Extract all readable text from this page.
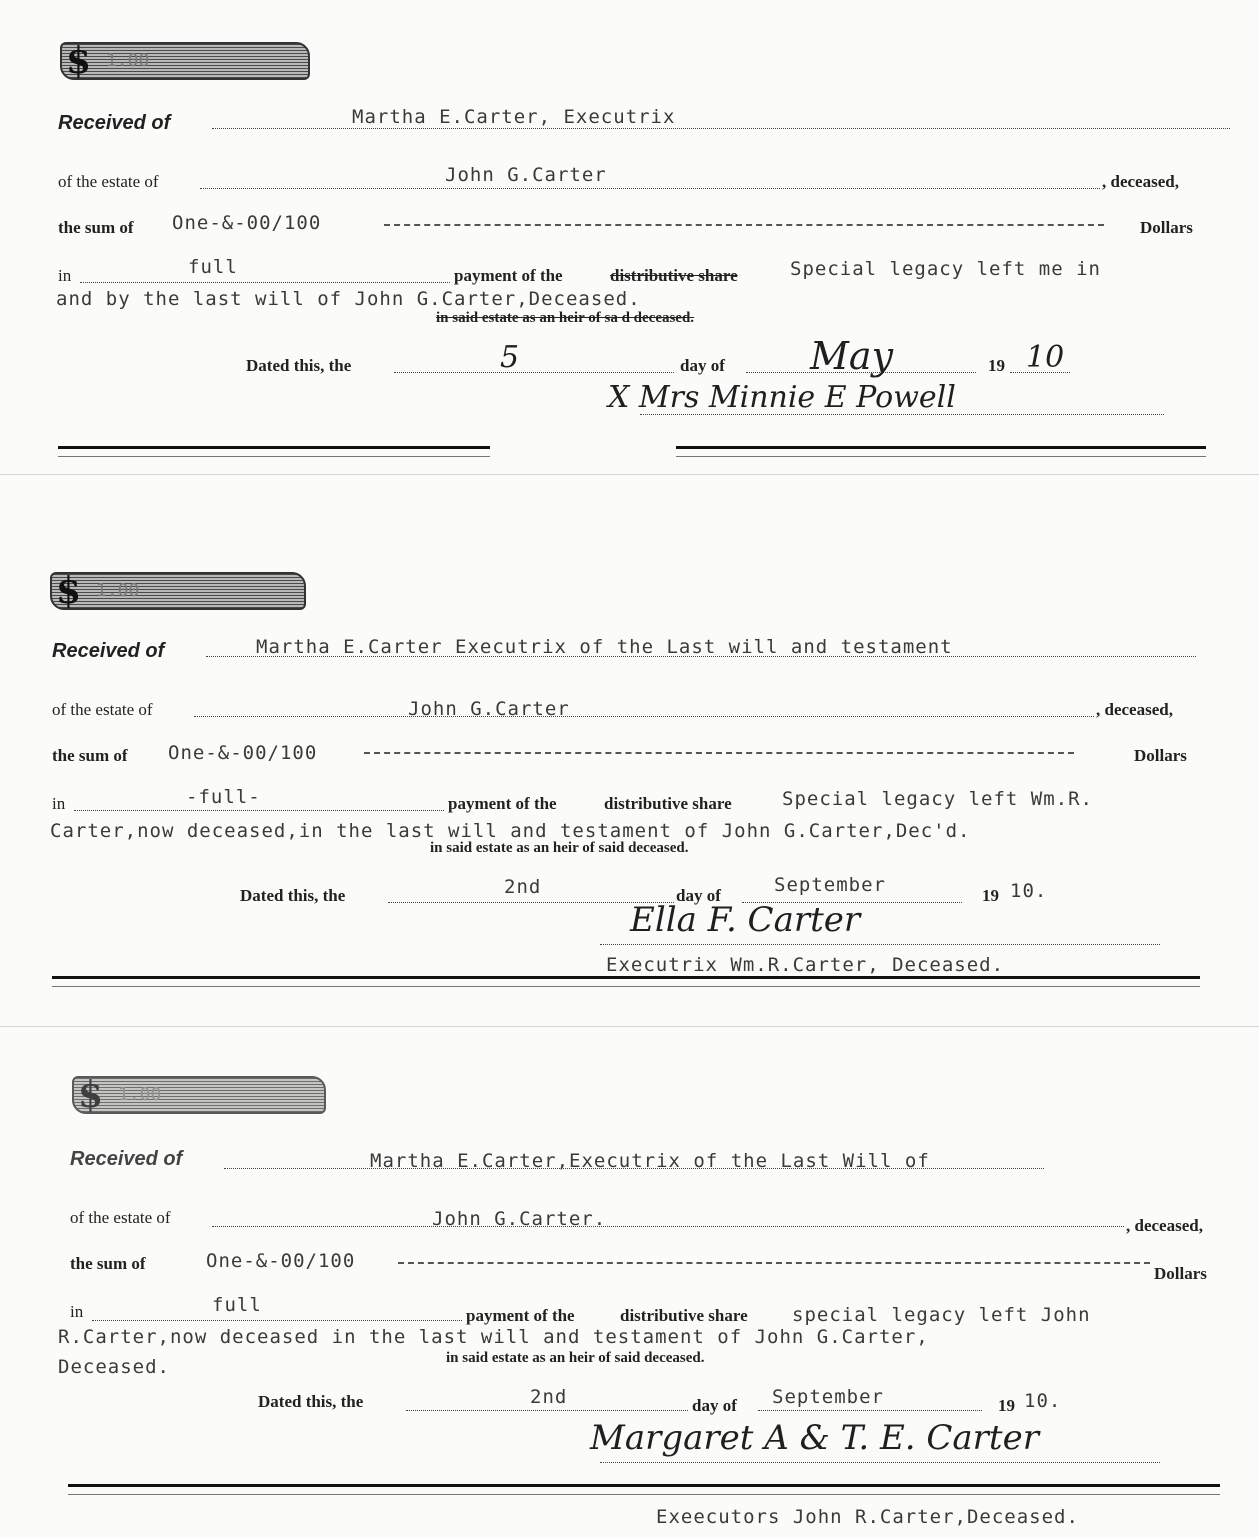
$ 1.00
Received of	Martha E.Carter, Executrix
of the estate of	John G.Carter	, deceased,
the sum of One-&-00/100	Dollars
in	full	payment of the	distributive share	Special legacy left me in
and by the last will of John G.Carter,Deceased.
in said estate as an heir of sa d deceased.
Dated this, the	5	day of May	19 10
X Mrs Minnie E Powell
$ 1.00
Received of	Martha E.Carter Executrix of the Last will and testament
of the estate of	John G.Carter	, deceased,
the sum of One-&-00/100	Dollars
in	-full-	payment of the	distributive share	Special legacy left Wm.R.
Carter,now deceased,in the last will and testament of John G.Carter,Dec'd.
in said estate as an heir of said deceased.
Dated this, the	2nd	day of	September	19 10.
Ella F. Carter
Executrix Wm.R.Carter, Deceased.
$ 1.00
Received of	Martha E.Carter,Executrix of the Last Will of
of the estate of	John G.Carter.	, deceased,
the sum of	One-&-00/100
Dollars
in	full	payment of the	distributive share special legacy left John
R.Carter,now deceased in the last will and testament of John G.Carter,
Deceased.	in said estate as an heir of said deceased.
Dated this, the	2nd	day of September	19 10.
Margaret A & T. E. Carter
Exeecutors John R.Carter,Deceased.
